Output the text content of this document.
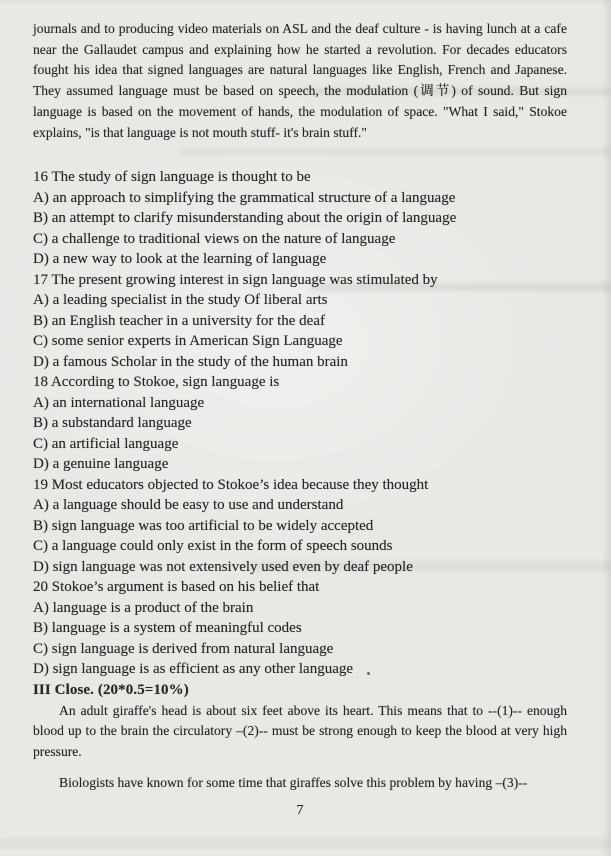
journals and to producing video materials on ASL and the deaf culture - is having lunch at a cafe near the Gallaudet campus and explaining how he started a revolution. For decades educators fought his idea that signed languages are natural languages like English, French and Japanese. They assumed language must be based on speech, the modulation (调节) of sound. But sign language is based on the movement of hands, the modulation of space. "What I said," Stokoe explains, "is that language is not mouth stuff- it's brain stuff."

16 The study of sign language is thought to be
A) an approach to simplifying the grammatical structure of a language
B) an attempt to clarify misunderstanding about the origin of language
C) a challenge to traditional views on the nature of language
D) a new way to look at the learning of language
17 The present growing interest in sign language was stimulated by
A) a leading specialist in the study Of liberal arts
B) an English teacher in a university for the deaf
C) some senior experts in American Sign Language
D) a famous Scholar in the study of the human brain
18 According to Stokoe, sign language is
A) an international language
B) a substandard language
C) an artificial language
D) a genuine language
19 Most educators objected to Stokoe’s idea because they thought
A) a language should be easy to use and understand
B) sign language was too artificial to be widely accepted
C) a language could only exist in the form of speech sounds
D) sign language was not extensively used even by deaf people
20 Stokoe’s argument is based on his belief that
A) language is a product of the brain
B) language is a system of meaningful codes
C) sign language is derived from natural language
D) sign language is as efficient as any other language
III Close. (20*0.5=10%)

An adult giraffe's head is about six feet above its heart. This means that to --(1)-- enough blood up to the brain the circulatory –(2)-- must be strong enough to keep the blood at very high pressure.

Biologists have known for some time that giraffes solve this problem by having –(3)--

7
